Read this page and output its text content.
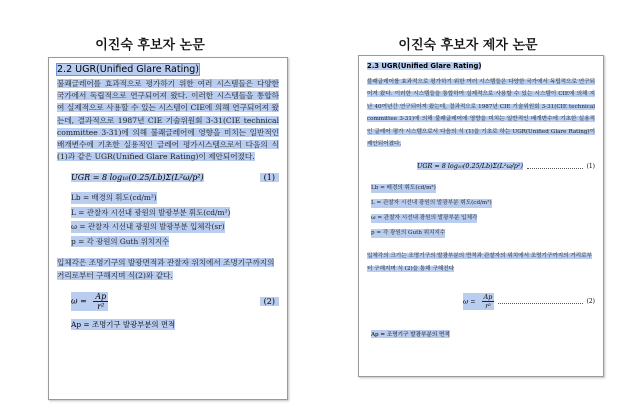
이진숙 후보자 논문	이진숙 후보자 제자 논문
2.2 UGR(Unified Glare Rating)
불쾌글레어를 효과적으로 평가하기 위한 여러 시스템들은 다양한 국가에서 독립적으로 연구되어져 왔다. 이러한 시스템들을 통합하여 실제적으로 사용할 수 있는 시스템이 CIE에 의해 연구되어져 왔는데, 결과적으로 1987년 CIE 기술위원회 3-31(CIE technical committee 3-31)에 의해 불쾌글레어에 영향을 미치는 일반적인 배개변수에 기초한 실용적인 글레어 평가시스템으로서 다음의 식(1)과 같은 UGR(Unified Glare Rating)이 제안되어졌다.
UGR = 8 log₁₀(0.25/Lb)Σ(L²ω/p²)	(1)
Lb = 배경의 휘도(cd/m²)
L = 관찰자 시선내 광원의 발광부분 휘도(cd/m²)
ω = 관찰자 시선내 광원의 발광부분 입체각(sr)
p = 각 광원의 Guth 위치지수
입체각은 조명기구의 발광면적과 관찰자 위치에서 조명기구까지의 거리로부터 구해지며 식(2)와 같다.
$\omega = \frac{Ap}{\text{r²}}$	(2)
Ap = 조명기구 발광부분의 면적
2.3 UGR(Unified Glare Rating)
불쾌글레어를 효과적으로 평가하기 위한 여러 시스템들은 다양한 국가에서 독립적으로 연구되어져 왔다. 이러한 시스템들을 통합하여 실제적으로 사용할 수 있는 시스템이 CIE에 의해 지난 40여년간 연구되어져 왔는데, 결과적으로 1987년 CIE 기술위원회 3-31(CIE technical committee 3-31)에 의해 불쾌글레어에 영향을 미치는 일반적인 배개변수에 기초한 실용적인 글레어 평가 시스템으로서 다음의 식 (1)을 기초로 하는 UGR(Unified Glare Rating)이 제안되어졌다.
UGR = 8 log₁₀(0.25/Lb)Σ(L²ω/p²)	(1)
Lb = 배경의 휘도(cd/m²)
L = 관찰자 시선내 광원의 발광부분 휘도(cd/m²)
ω = 관찰자 시선내 광원의 발광부분 입체각
p = 각 광원의 Guth 위치지수
입체각의 크기는 조명기구의 발광부분의 면적과 관찰자의 위치에서 조명기구까지의 거리로부터 구해지며 식 (2)을 통해 구해진다
$\omega = \frac{Ap}{\text{r²}}$	(2)
Ap = 조명기구 발광부분의 면적
